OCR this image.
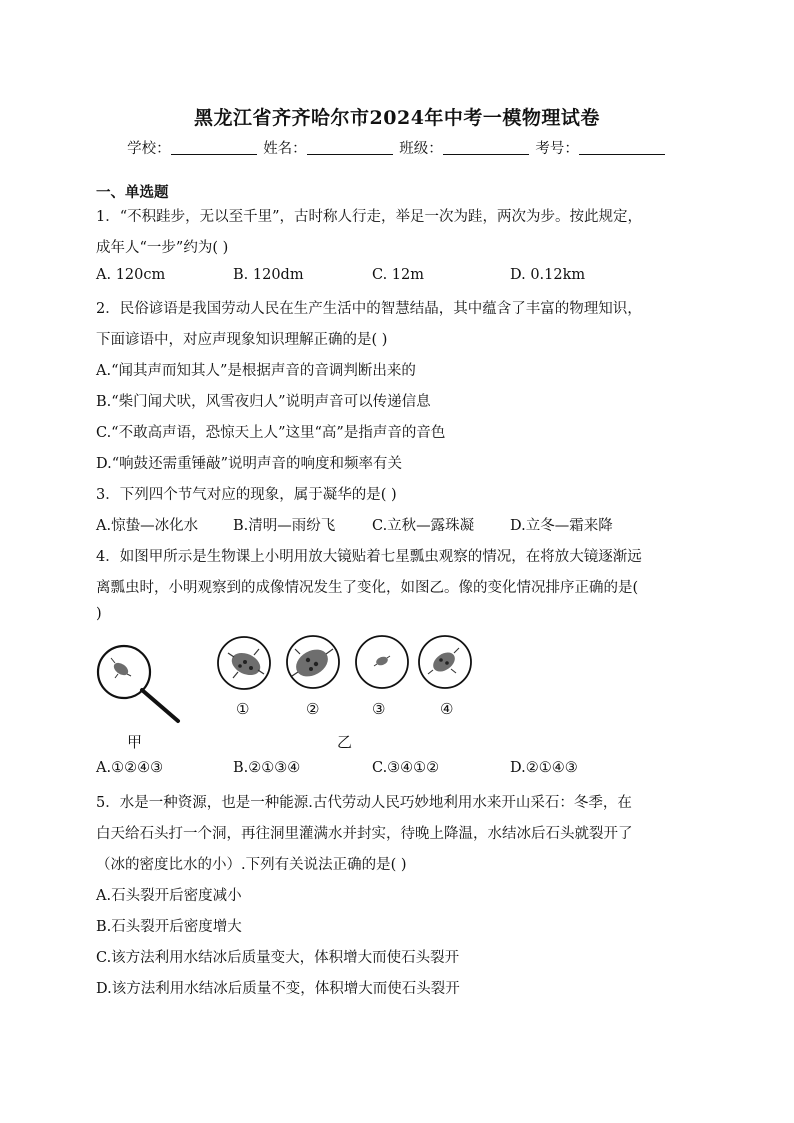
黑龙江省齐齐哈尔市2024年中考一模物理试卷
学校：	姓名：	班级：	考号：
一、单选题
1．“不积跬步，无以至千里”，古时称人行走，举足一次为跬，两次为步。按此规定，
成年人“一步”约为( )
A. 120cm	B. 120dm	C. 12m	D. 0.12km
2．民俗谚语是我国劳动人民在生产生活中的智慧结晶，其中蕴含了丰富的物理知识，
下面谚语中，对应声现象知识理解正确的是( )
A.“闻其声而知其人”是根据声音的音调判断出来的
B.“柴门闻犬吠，风雪夜归人”说明声音可以传递信息
C.“不敢高声语，恐惊天上人”这里“高”是指声音的音色
D.“响鼓还需重锤敲”说明声音的响度和频率有关
3．下列四个节气对应的现象，属于凝华的是( )
A.惊蛰—冰化水 B.清明—雨纷飞	C.立秋—露珠凝 D.立冬—霜来降
4．如图甲所示是生物课上小明用放大镜贴着七星瓢虫观察的情况，在将放大镜逐渐远
离瓢虫时，小明观察到的成像情况发生了变化，如图乙。像的变化情况排序正确的是(
)
甲
①	②	③	④
乙
A.①②④③	B.②①③④	C.③④①②	D.②①④③
5．水是一种资源，也是一种能源.古代劳动人民巧妙地利用水来开山采石：冬季，在
白天给石头打一个洞，再往洞里灌满水并封实，待晚上降温，水结冰后石头就裂开了
（冰的密度比水的小）.下列有关说法正确的是( )
A.石头裂开后密度减小
B.石头裂开后密度增大
C.该方法利用水结冰后质量变大，体积增大而使石头裂开
D.该方法利用水结冰后质量不变，体积增大而使石头裂开
